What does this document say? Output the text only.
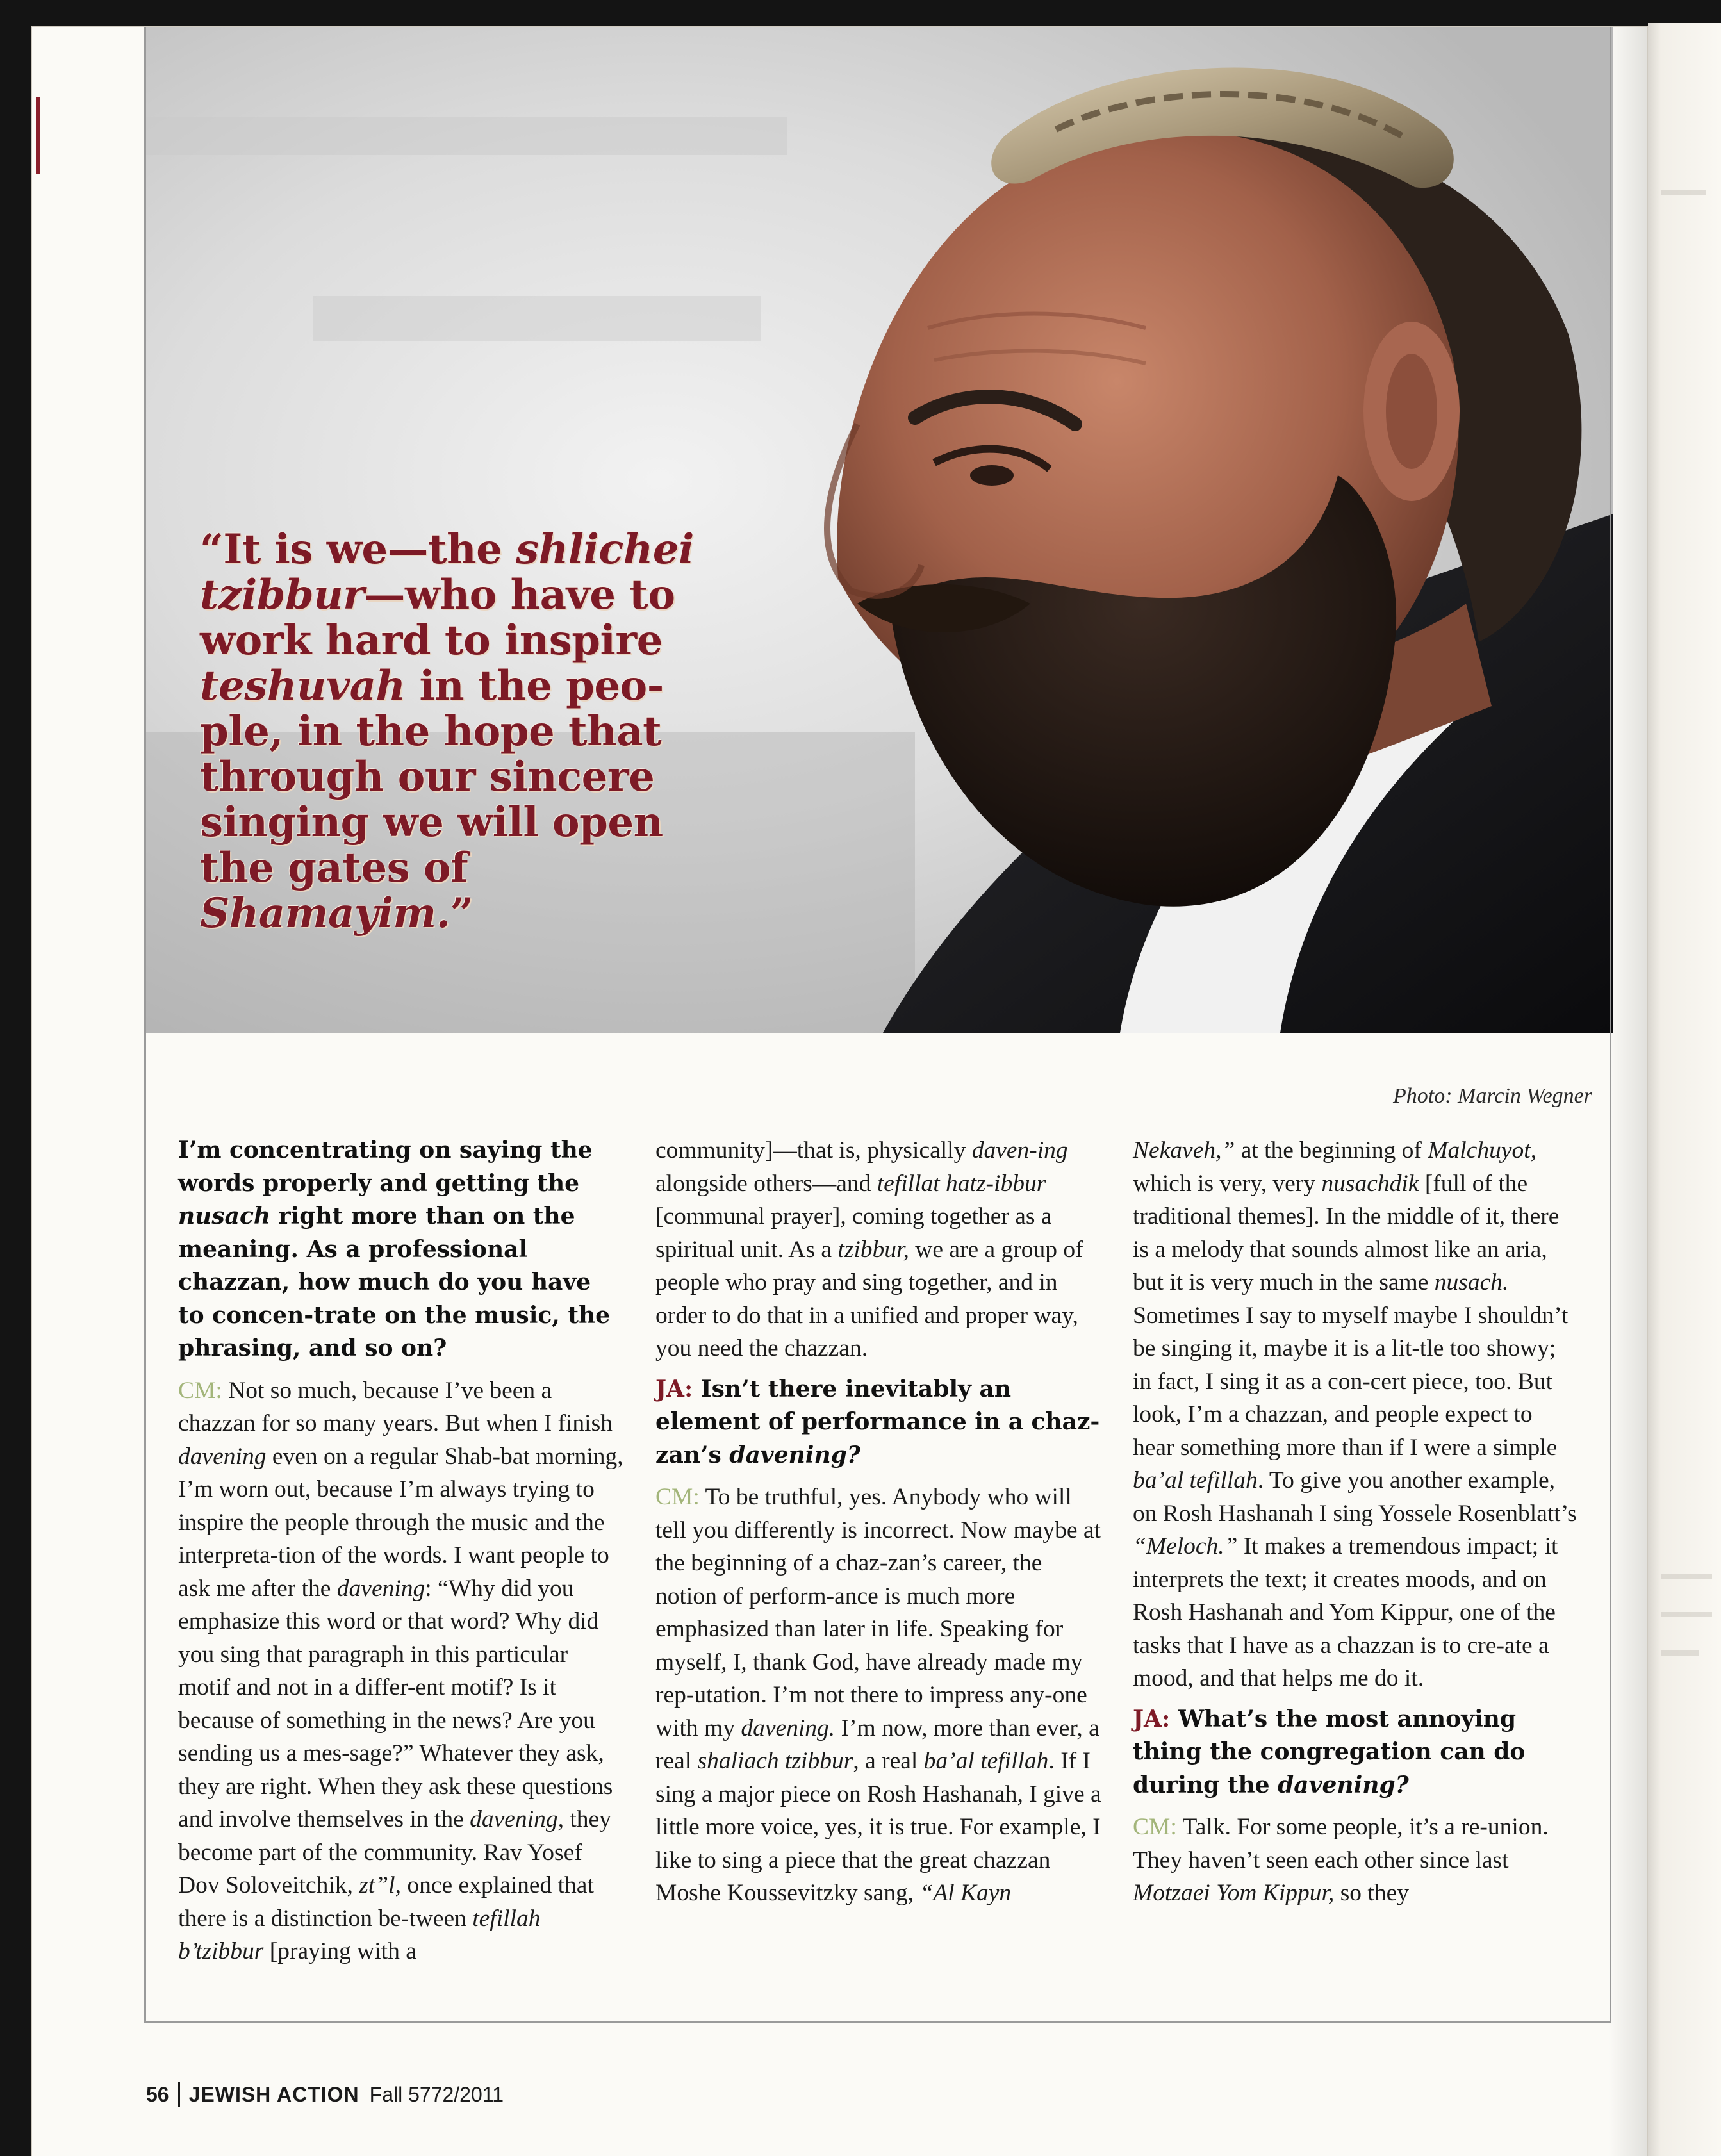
“It is we—the shlichei
tzibbur—who have to
work hard to inspire
teshuvah in the peo-
ple, in the hope that
through our sincere
singing we will open
the gates of
Shamayim.”
Photo: Marcin Wegner

I’m concentrating on saying the words properly and getting the nusach right more than on the meaning. As a professional chazzan, how much do you have to concen-trate on the music, the phrasing, and so on?

CM: Not so much, because I’ve been a chazzan for so many years. But when I finish davening even on a regular Shab-bat morning, I’m worn out, because I’m always trying to inspire the people through the music and the interpreta-tion of the words. I want people to ask me after the davening: “Why did you emphasize this word or that word? Why did you sing that paragraph in this particular motif and not in a differ-ent motif? Is it because of something in the news? Are you sending us a mes-sage?” Whatever they ask, they are right. When they ask these questions and involve themselves in the davening, they become part of the community. Rav Yosef Dov Soloveitchik, zt”l, once explained that there is a distinction be-tween tefillah b’tzibbur [praying with a

community]—that is, physically daven-ing alongside others—and tefillat hatz-ibbur [communal prayer], coming together as a spiritual unit. As a tzibbur, we are a group of people who pray and sing together, and in order to do that in a unified and proper way, you need the chazzan.

JA: Isn’t there inevitably an element of performance in a chaz-zan’s davening?

CM: To be truthful, yes. Anybody who will tell you differently is incorrect. Now maybe at the beginning of a chaz-zan’s career, the notion of perform-ance is much more emphasized than later in life. Speaking for myself, I, thank God, have already made my rep-utation. I’m not there to impress any-one with my davening. I’m now, more than ever, a real shaliach tzibbur, a real ba’al tefillah. If I sing a major piece on Rosh Hashanah, I give a little more voice, yes, it is true. For example, I like to sing a piece that the great chazzan Moshe Koussevitzky sang, “Al Kayn

Nekaveh,” at the beginning of Malchuyot, which is very, very nusachdik [full of the traditional themes]. In the middle of it, there is a melody that sounds almost like an aria, but it is very much in the same nusach. Sometimes I say to myself maybe I shouldn’t be singing it, maybe it is a lit-tle too showy; in fact, I sing it as a con-cert piece, too. But look, I’m a chazzan, and people expect to hear something more than if I were a simple ba’al tefillah. To give you another example, on Rosh Hashanah I sing Yossele Rosenblatt’s “Meloch.” It makes a tremendous impact; it interprets the text; it creates moods, and on Rosh Hashanah and Yom Kippur, one of the tasks that I have as a chazzan is to cre-ate a mood, and that helps me do it.

JA: What’s the most annoying thing the congregation can do during the davening?

CM: Talk. For some people, it’s a re-union. They haven’t seen each other since last Motzaei Yom Kippur, so they

56 JEWISH ACTION Fall 5772/2011
